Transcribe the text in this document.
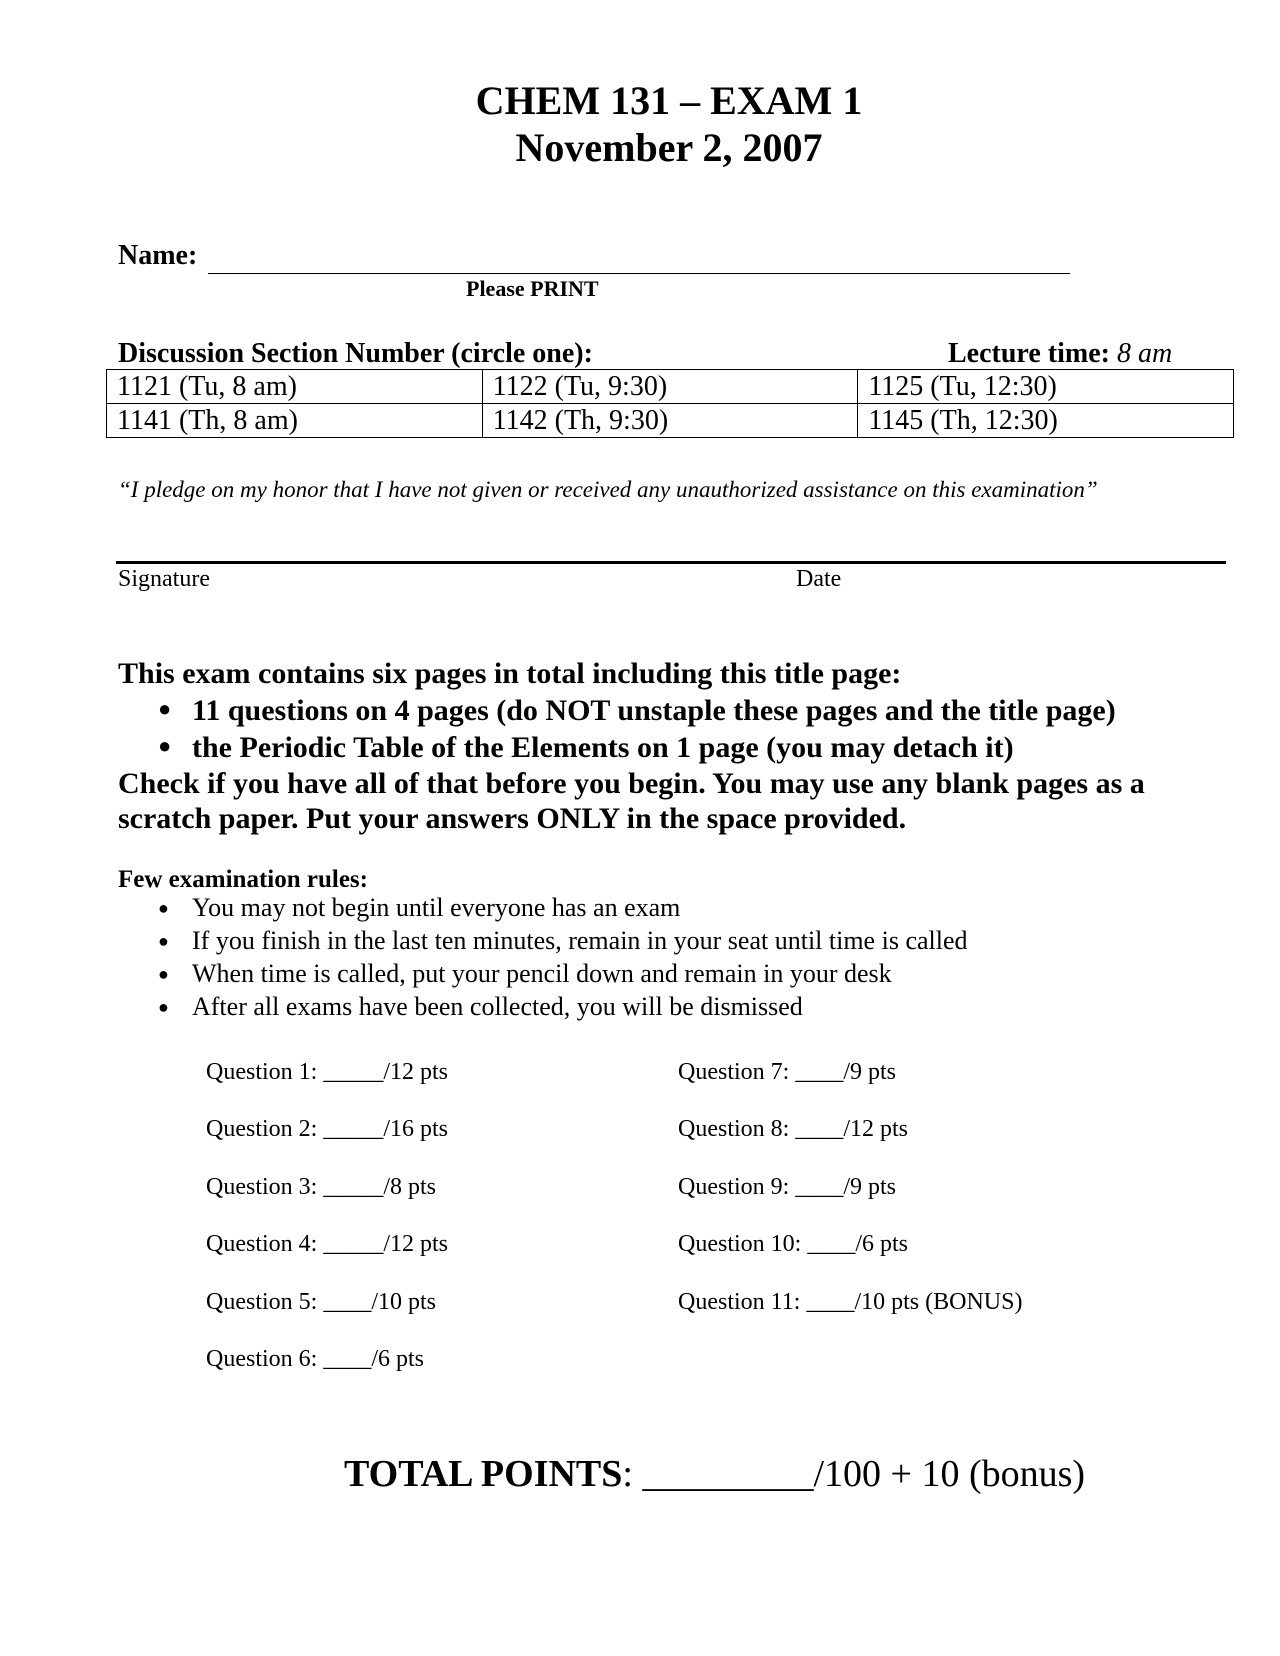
CHEM 131 – EXAM 1
November 2, 2007
Name:
Please PRINT
Discussion Section Number (circle one):	Lecture time: 8 am
1121 (Tu, 8 am)	1122 (Tu, 9:30)	1125 (Tu, 12:30)
1141 (Th, 8 am)	1142 (Th, 9:30)	1145 (Th, 12:30)
“I pledge on my honor that I have not given or received any unauthorized assistance on this examination”
Signature	Date
This exam contains six pages in total including this title page:
● 11 questions on 4 pages (do NOT unstaple these pages and the title page)
● the Periodic Table of the Elements on 1 page (you may detach it)
Check if you have all of that before you begin. You may use any blank pages as a
scratch paper. Put your answers ONLY in the space provided.
Few examination rules:
● You may not begin until everyone has an exam
● If you finish in the last ten minutes, remain in your seat until time is called
● When time is called, put your pencil down and remain in your desk
● After all exams have been collected, you will be dismissed
Question 1: _____/12 pts
Question 2: _____/16 pts
Question 3: _____/8 pts
Question 4: _____/12 pts
Question 5: ____/10 pts
Question 6: ____/6 pts
Question 7: ____/9 pts
Question 8: ____/12 pts
Question 9: ____/9 pts
Question 10: ____/6 pts
Question 11: ____/10 pts (BONUS)
TOTAL POINTS: _________/100 + 10 (bonus)
